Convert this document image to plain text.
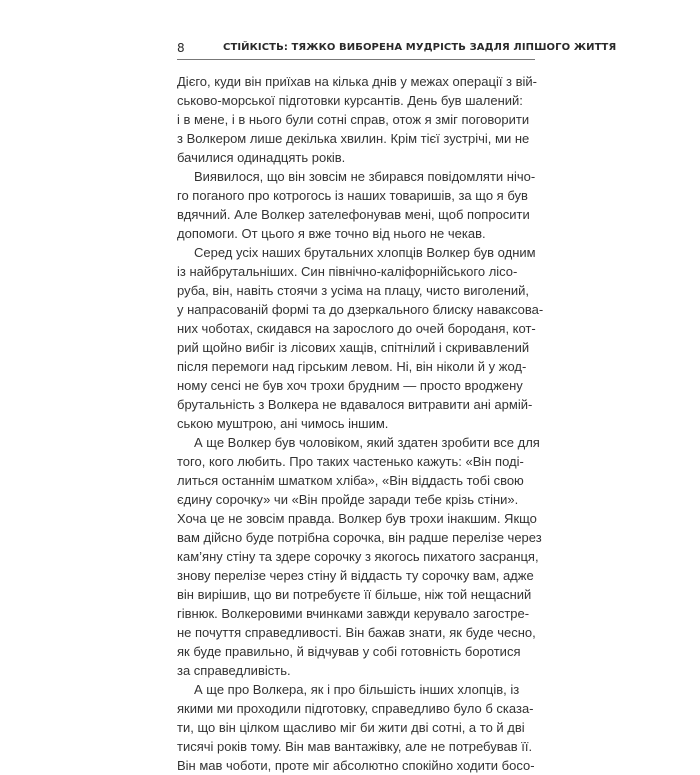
8	СТІЙКІСТЬ: ТЯЖКО ВИБОРЕНА МУДРІСТЬ ЗАДЛЯ ЛІПШОГО ЖИТТЯ
Дієго, куди він приїхав на кілька днів у межах операції з вій-
ськово-морської підготовки курсантів. День був шалений:
і в мене, і в нього були сотні справ, отож я зміг поговорити
з Волкером лише декілька хвилин. Крім тієї зустрічі, ми не
бачилися одинадцять років.
Виявилося, що він зовсім не збирався повідомляти нічо-
го поганого про котрогось із наших товаришів, за що я був
вдячний. Але Волкер зателефонував мені, щоб попросити
допомоги. От цього я вже точно від нього не чекав.
Серед усіх наших брутальних хлопців Волкер був одним
із найбрутальніших. Син північно-каліфорнійського лісо-
руба, він, навіть стоячи з усіма на плацу, чисто виголений,
у напрасованій формі та до дзеркального блиску наваксова-
них чоботах, скидався на зарослого до очей бороданя, кот-
рий щойно вибіг із лісових хащів, спітнілий і скривавлений
після перемоги над гірським левом. Ні, він ніколи й у жод-
ному сенсі не був хоч трохи брудним — просто вроджену
брутальність з Волкера не вдавалося витравити ані армій-
ською муштрою, ані чимось іншим.
А ще Волкер був чоловіком, який здатен зробити все для
того, кого любить. Про таких частенько кажуть: «Він поді-
литься останнім шматком хліба», «Він віддасть тобі свою
єдину сорочку» чи «Він пройде заради тебе крізь стіни».
Хоча це не зовсім правда. Волкер був трохи інакшим. Якщо
вам дійсно буде потрібна сорочка, він радше перелізе через
кам’яну стіну та здере сорочку з якогось пихатого засранця,
знову перелізе через стіну й віддасть ту сорочку вам, адже
він вирішив, що ви потребуєте її більше, ніж той нещасний
гівнюк. Волкеровими вчинками завжди керувало загостре-
не почуття справедливості. Він бажав знати, як буде чесно,
як буде правильно, й відчував у собі готовність боротися
за справедливість.
А ще про Волкера, як і про більшість інших хлопців, із
якими ми проходили підготовку, справедливо було б сказа-
ти, що він цілком щасливо міг би жити дві сотні, а то й дві
тисячі років тому. Він мав вантажівку, але не потребував її.
Він мав чоботи, проте міг абсолютно спокійно ходити босо-
